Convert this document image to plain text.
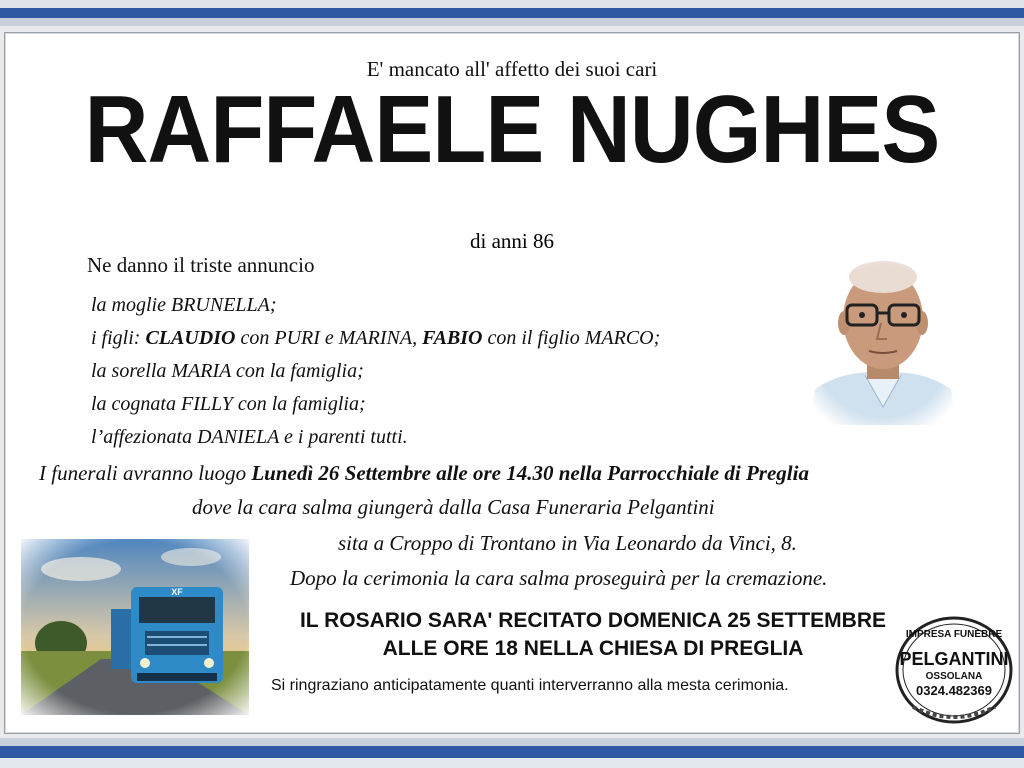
E' mancato all' affetto dei suoi cari
RAFFAELE NUGHES
di anni 86
Ne danno il triste annuncio
la moglie BRUNELLA;
i figli: CLAUDIO con PURI e MARINA, FABIO con il figlio MARCO;
la sorella MARIA con la famiglia;
la cognata FILLY con la famiglia;
l’affezionata DANIELA e i parenti tutti.
I funerali avranno luogo Lunedì 26 Settembre alle ore 14.30 nella Parrocchiale di Preglia
dove la cara salma giungerà dalla Casa Funeraria Pelgantini
sita a Croppo di Trontano in Via Leonardo da Vinci, 8.
Dopo la cerimonia la cara salma proseguirà per la cremazione.
IL ROSARIO SARA' RECITATO DOMENICA 25 SETTEMBRE
ALLE ORE 18 NELLA CHIESA DI PREGLIA
Si ringraziano anticipatamente quanti interverranno alla mesta cerimonia.
IMPRESA FUNEBRE
PELGANTINI
OSSOLANA
0324.482369
